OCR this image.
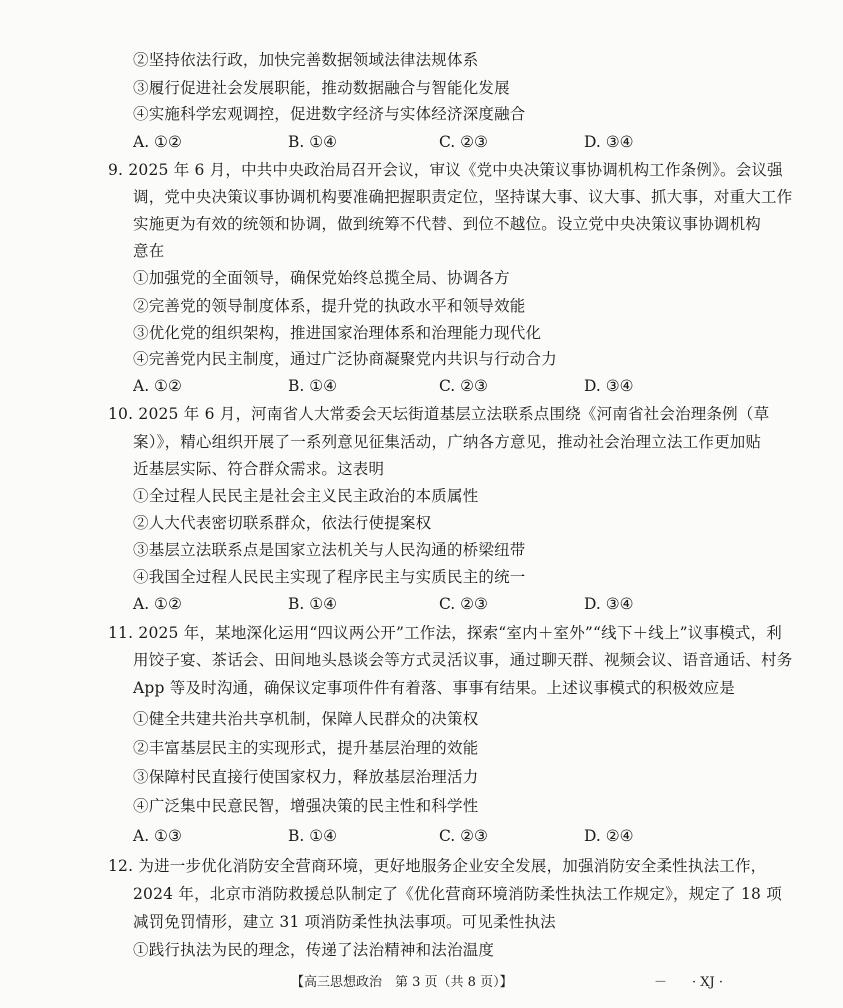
②坚持依法行政，加快完善数据领域法律法规体系
③履行促进社会发展职能，推动数据融合与智能化发展
④实施科学宏观调控，促进数字经济与实体经济深度融合
A. ①②	B. ①④	C. ②③	D. ③④
9. 2025 年 6 月，中共中央政治局召开会议，审议《党中央决策议事协调机构工作条例》。会议强
调，党中央决策议事协调机构要准确把握职责定位，坚持谋大事、议大事、抓大事，对重大工作
实施更为有效的统领和协调，做到统筹不代替、到位不越位。设立党中央决策议事协调机构
意在
①加强党的全面领导，确保党始终总揽全局、协调各方
②完善党的领导制度体系，提升党的执政水平和领导效能
③优化党的组织架构，推进国家治理体系和治理能力现代化
④完善党内民主制度，通过广泛协商凝聚党内共识与行动合力
A. ①②	B. ①④	C. ②③	D. ③④
10. 2025 年 6 月，河南省人大常委会天坛街道基层立法联系点围绕《河南省社会治理条例（草
案）》，精心组织开展了一系列意见征集活动，广纳各方意见，推动社会治理立法工作更加贴
近基层实际、符合群众需求。这表明
①全过程人民民主是社会主义民主政治的本质属性
②人大代表密切联系群众，依法行使提案权
③基层立法联系点是国家立法机关与人民沟通的桥梁纽带
④我国全过程人民民主实现了程序民主与实质民主的统一
A. ①②	B. ①④	C. ②③	D. ③④
11. 2025 年，某地深化运用“四议两公开”工作法，探索“室内＋室外”“线下＋线上”议事模式，利
用饺子宴、茶话会、田间地头恳谈会等方式灵活议事，通过聊天群、视频会议、语音通话、村务
App 等及时沟通，确保议定事项件件有着落、事事有结果。上述议事模式的积极效应是
①健全共建共治共享机制，保障人民群众的决策权
②丰富基层民主的实现形式，提升基层治理的效能
③保障村民直接行使国家权力，释放基层治理活力
④广泛集中民意民智，增强决策的民主性和科学性
A. ①③	B. ①④	C. ②③	D. ②④
12. 为进一步优化消防安全营商环境，更好地服务企业安全发展，加强消防安全柔性执法工作，
2024 年，北京市消防救援总队制定了《优化营商环境消防柔性执法工作规定》，规定了 18 项
减罚免罚情形，建立 31 项消防柔性执法事项。可见柔性执法
①践行执法为民的理念，传递了法治精神和法治温度
【高三思想政治　第 3 页（共 8 页）】	－ · XJ ·
